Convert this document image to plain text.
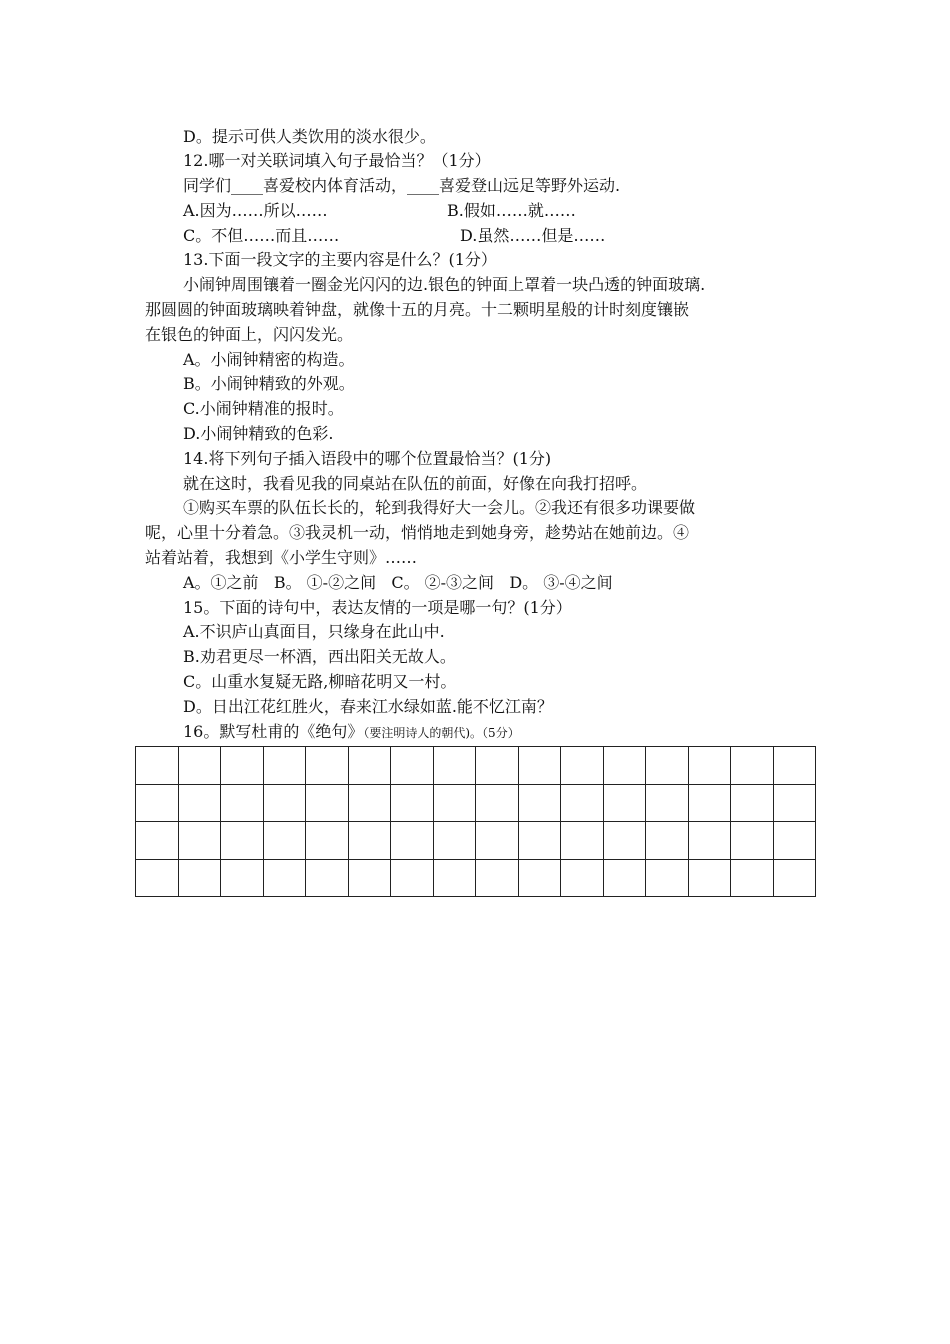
D。提示可供人类饮用的淡水很少。
12.哪一对关联词填入句子最恰当？（1分）
同学们____喜爱校内体育活动，____喜爱登山远足等野外运动.
A.因为……所以……	B.假如……就……
C。不但……而且……	D.虽然……但是……
13.下面一段文字的主要内容是什么？(1分）
小闹钟周围镶着一圈金光闪闪的边.银色的钟面上罩着一块凸透的钟面玻璃.
那圆圆的钟面玻璃映着钟盘，就像十五的月亮。十二颗明星般的计时刻度镶嵌
在银色的钟面上，闪闪发光。
A。小闹钟精密的构造。
B。小闹钟精致的外观。
C.小闹钟精准的报时。
D.小闹钟精致的色彩.
14.将下列句子插入语段中的哪个位置最恰当？(1分)
就在这时，我看见我的同桌站在队伍的前面，好像在向我打招呼。
①购买车票的队伍长长的，轮到我得好大一会儿。②我还有很多功课要做
呢，心里十分着急。③我灵机一动，悄悄地走到她身旁，趁势站在她前边。④
站着站着，我想到《小学生守则》……
A。①之前   B。 ①-②之间   C。 ②-③之间   D。 ③-④之间
15。下面的诗句中，表达友情的一项是哪一句？(1分）
A.不识庐山真面目，只缘身在此山中.
B.劝君更尽一杯酒，西出阳关无故人。
C。山重水复疑无路,柳暗花明又一村。
D。日出江花红胜火，春来江水绿如蓝.能不忆江南？
16。默写杜甫的《绝句》（要注明诗人的朝代)。（5分）
